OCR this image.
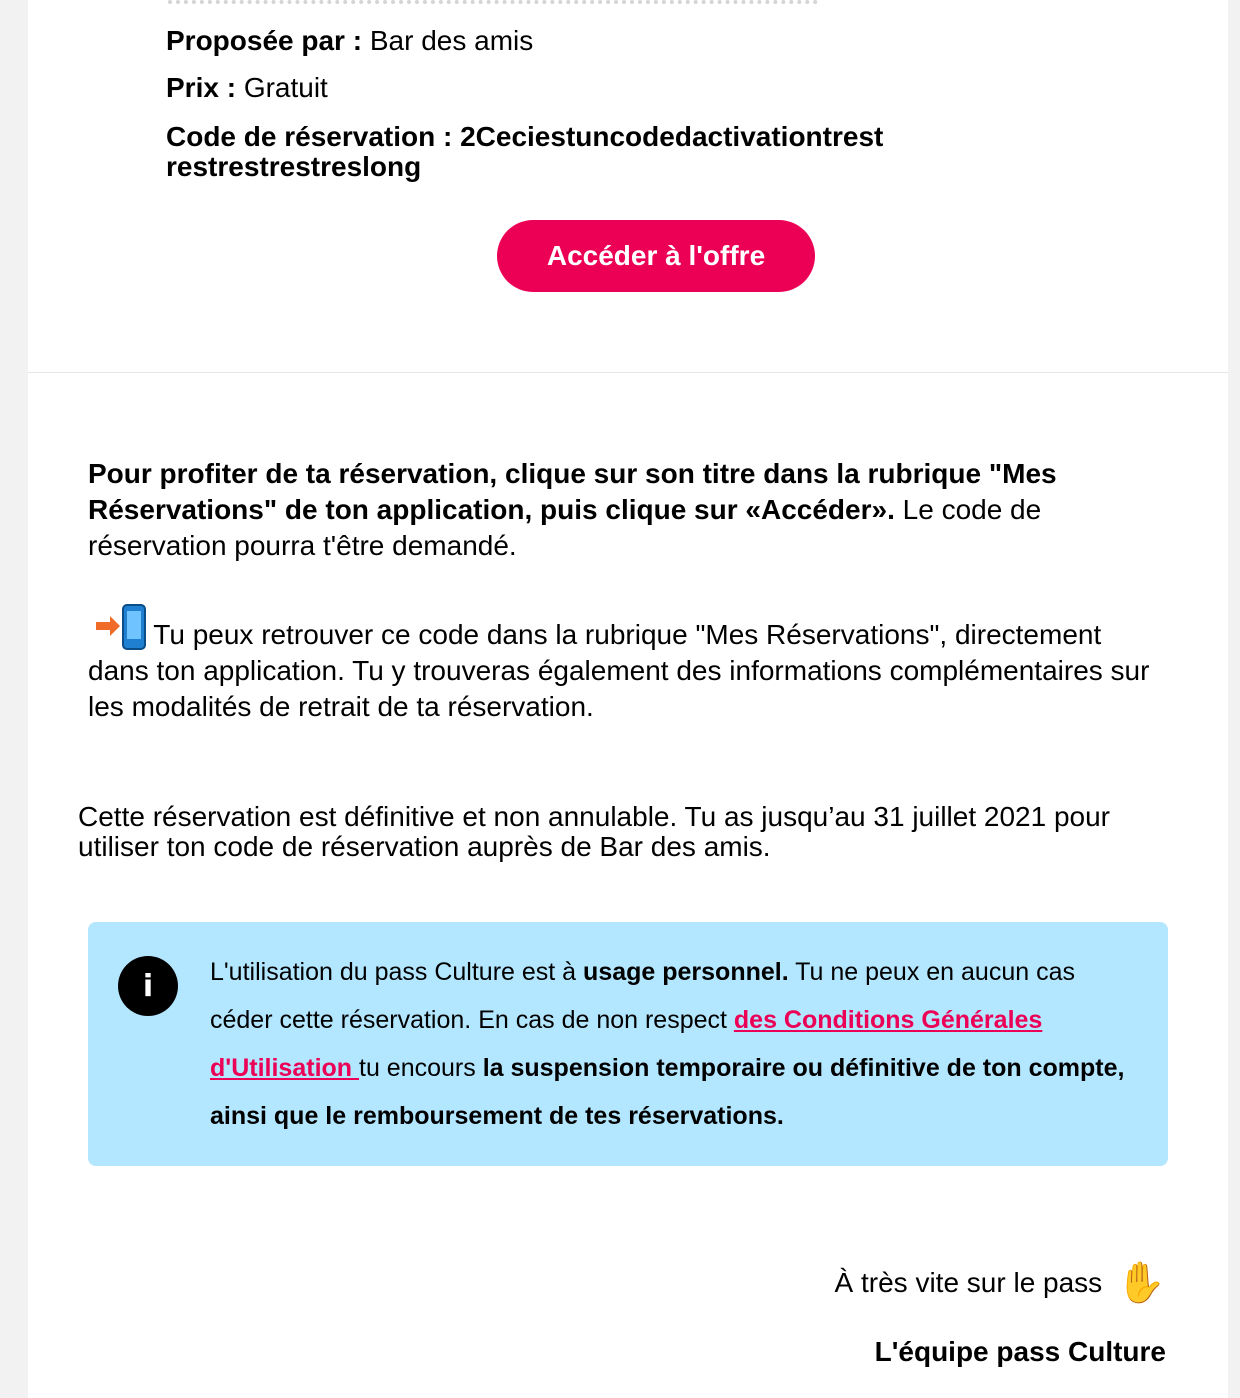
Proposée par : Bar des amis
Prix : Gratuit
Code de réservation : 2Ceciestuncodedactivationtrest
restrestrestreslong
Accéder à l'offre
Pour profiter de ta réservation, clique sur son titre dans la rubrique "Mes Réservations" de ton application, puis clique sur «Accéder». Le code de réservation pourra t'être demandé.
Tu peux retrouver ce code dans la rubrique "Mes Réservations", directement dans ton application. Tu y trouveras également des informations complémentaires sur les modalités de retrait de ta réservation.
Cette réservation est définitive et non annulable. Tu as jusqu’au 31 juillet 2021 pour utiliser ton code de réservation auprès de Bar des amis.
i	L'utilisation du pass Culture est à usage personnel. Tu ne peux en aucun cas céder cette réservation. En cas de non respect des Conditions Générales d'Utilisation tu encours la suspension temporaire ou définitive de ton compte, ainsi que le remboursement de tes réservations.
À très vite sur le pass ✋
L'équipe pass Culture
